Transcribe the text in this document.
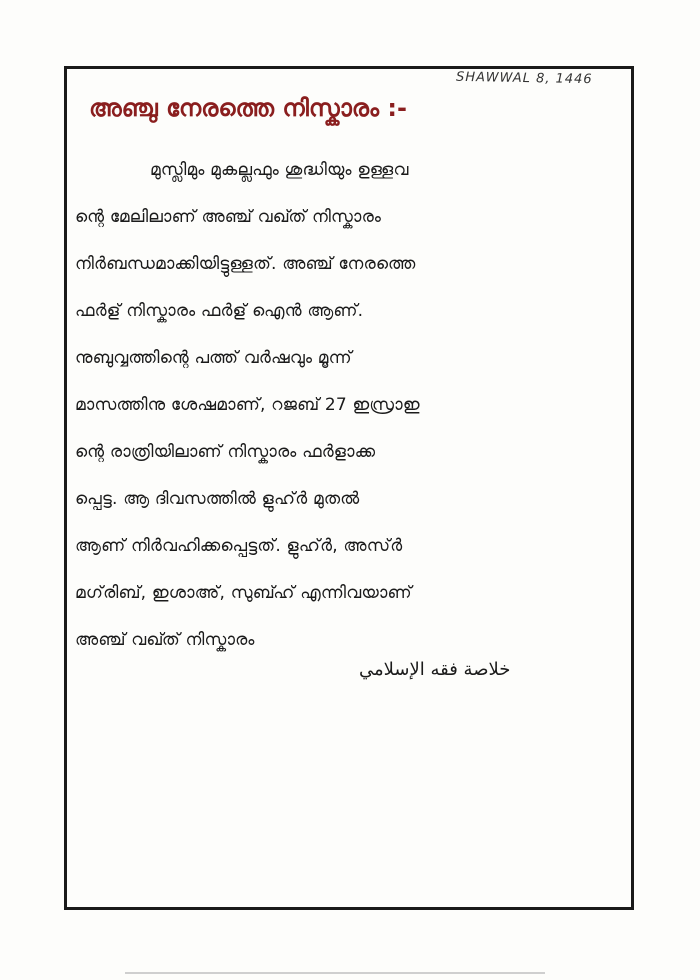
SHAWWAL 8, 1446
അഞ്ചു നേരത്തെ നിസ്കാരം :-
മുസ്ലിമും മുകല്ലഫും ശുദ്ധിയും ഉള്ളവ
ന്റെ മേലിലാണ് അഞ്ച് വഖ്ത് നിസ്കാരം
നിർബന്ധമാക്കിയിട്ടുള്ളത്. അഞ്ച് നേരത്തെ
ഫർള് നിസ്കാരം ഫർള് ഐൻ ആണ്.
നുബുവ്വത്തിന്റെ പത്ത് വർഷവും മൂന്ന്
മാസത്തിനു ശേഷമാണ്, റജബ് 27 ഇസ്രാഇ
ന്റെ രാത്രിയിലാണ് നിസ്കാരം ഫർളാക്ക
പ്പെട്ട. ആ ദിവസത്തിൽ ളുഹ്ർ മുതൽ
ആണ് നിർവഹിക്കപ്പെട്ടത്. ളുഹ്ർ, അസ്ർ
മഗ്‌രിബ്, ഇശാഅ്, സുബ്ഹ് എന്നിവയാണ്
അഞ്ച് വഖ്ത് നിസ്കാരം
خلاصة فقه الإسلامي
